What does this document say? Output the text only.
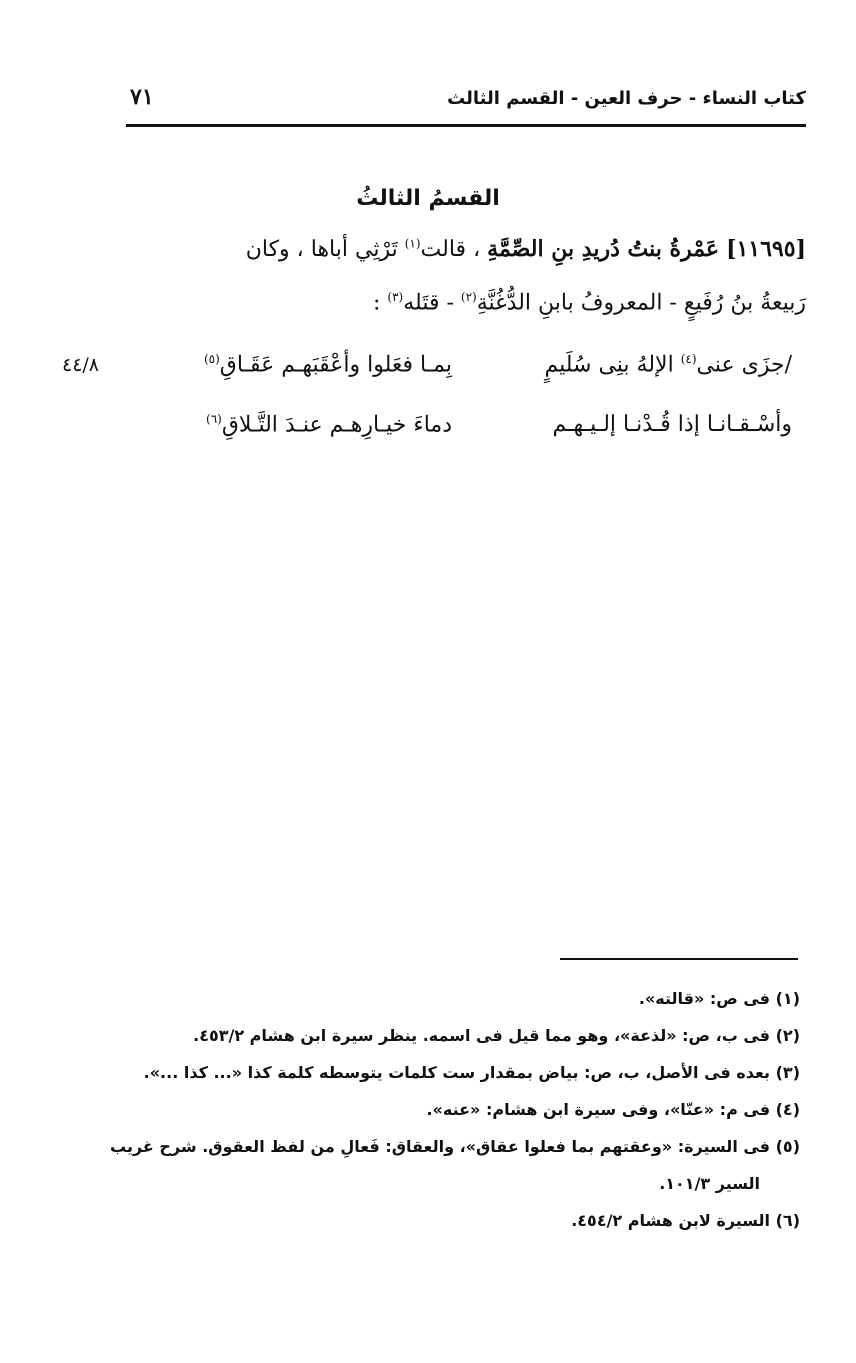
٧١	كتاب النساء - حرف العين - القسم الثالث
القسمُ الثالثُ
[١١٦٩٥] عَمْرةُ بنتُ دُريدِ بنِ الصِّمَّةِ ، قالت$^{(١)}$ تَرْثِي أباها ، وكان
رَبيعةُ بنُ رُفَيعٍ - المعروفُ بابنِ الدُّغُنَّةِ$^{(٢)}$ - قتَله$^{(٣)}$ :
٤٤/٨	/جزَى عنى$^{(٤)}$ الإلهُ بنِى سُلَيمٍ
بِمـا فعَلوا وأعْقَبَهـم عَقَـاقِ$^{(٥)}$
وأسْـقـانـا إذا قُـدْنـا إلـيـهـم
دماءَ خيـارِهـم عنـدَ التَّـلاقِ$^{(٦)}$
(١) فى ص: «قالته».
(٢) فى ب، ص: «لذعة»، وهو مما قيل فى اسمه. ينظر سيرة ابن هشام ٤٥٣/٢.
(٣) بعده فى الأصل، ب، ص: بياض بمقدار ست كلمات يتوسطه كلمة كذا «... كذا ...».
(٤) فى م: «عنّا»، وفى سيرة ابن هشام: «عنه».
(٥) فى السيرة: «وعقتهم بما فعلوا عقاق»، والعقاق: فَعالِ من لفظ العقوق. شرح غريب
السير ١٠١/٣.
(٦) السيرة لابن هشام ٤٥٤/٢.
